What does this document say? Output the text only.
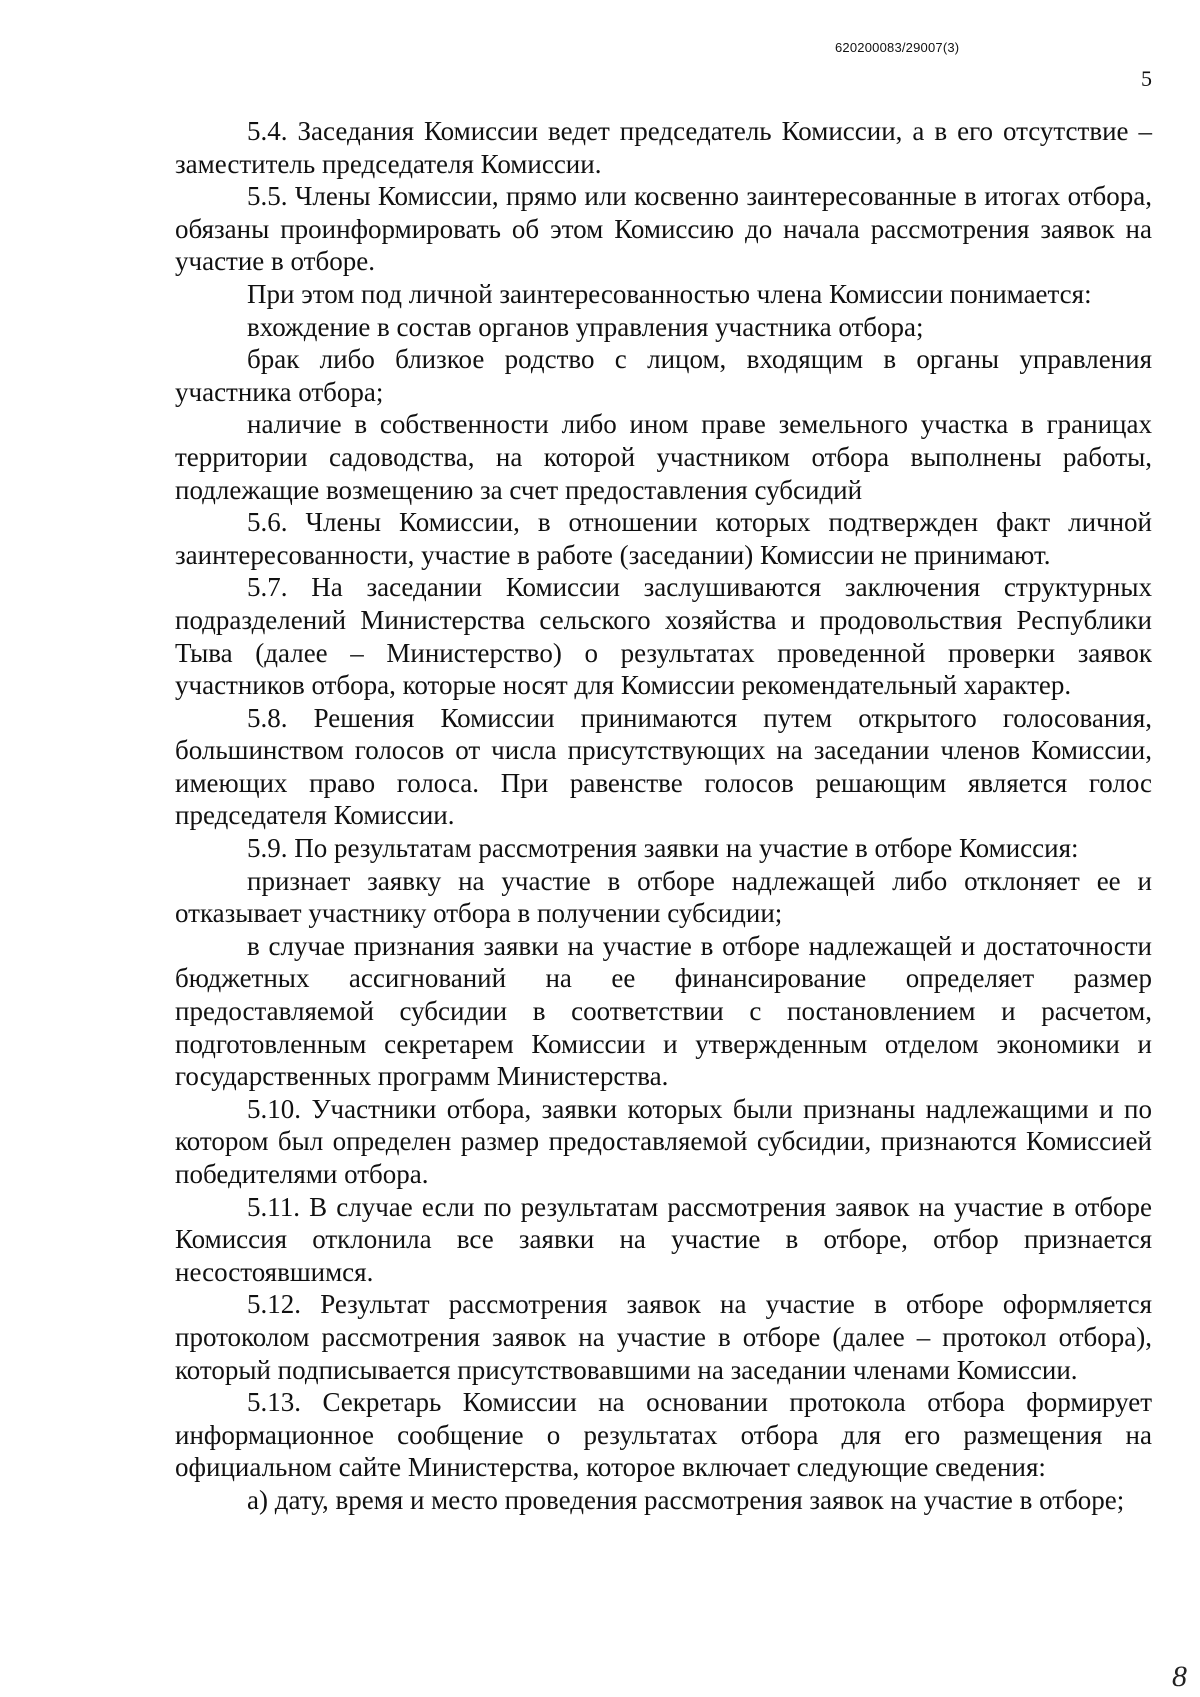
620200083/29007(3)
5

5.4. Заседания Комиссии ведет председатель Комиссии, а в его отсутствие – заместитель председателя Комиссии.

5.5. Члены Комиссии, прямо или косвенно заинтересованные в итогах отбора, обязаны проинформировать об этом Комиссию до начала рассмотрения заявок на участие в отборе.

При этом под личной заинтересованностью члена Комиссии понимается:

вхождение в состав органов управления участника отбора;

брак либо близкое родство с лицом, входящим в органы управления участника отбора;

наличие в собственности либо ином праве земельного участка в границах территории садоводства, на которой участником отбора выполнены работы, подлежащие возмещению за счет предоставления субсидий

5.6. Члены Комиссии, в отношении которых подтвержден факт личной заинтересованности, участие в работе (заседании) Комиссии не принимают.

5.7. На заседании Комиссии заслушиваются заключения структурных подразделений Министерства сельского хозяйства и продовольствия Республики Тыва (далее – Министерство) о результатах проведенной проверки заявок участников отбора, которые носят для Комиссии рекомендательный характер.

5.8. Решения Комиссии принимаются путем открытого голосования, большинством голосов от числа присутствующих на заседании членов Комиссии, имеющих право голоса. При равенстве голосов решающим является голос председателя Комиссии.

5.9. По результатам рассмотрения заявки на участие в отборе Комиссия:

признает заявку на участие в отборе надлежащей либо отклоняет ее и отказывает участнику отбора в получении субсидии;

в случае признания заявки на участие в отборе надлежащей и достаточности бюджетных ассигнований на ее финансирование определяет размер предоставляемой субсидии в соответствии с постановлением и расчетом, подготовленным секретарем Комиссии и утвержденным отделом экономики и государственных программ Министерства.

5.10. Участники отбора, заявки которых были признаны надлежащими и по котором был определен размер предоставляемой субсидии, признаются Комиссией победителями отбора.

5.11. В случае если по результатам рассмотрения заявок на участие в отборе Комиссия отклонила все заявки на участие в отборе, отбор признается несостоявшимся.

5.12. Результат рассмотрения заявок на участие в отборе оформляется протоколом рассмотрения заявок на участие в отборе (далее – протокол отбора), который подписывается присутствовавшими на заседании членами Комиссии.

5.13. Секретарь Комиссии на основании протокола отбора формирует информационное сообщение о результатах отбора для его размещения на официальном сайте Министерства, которое включает следующие сведения:

а) дату, время и место проведения рассмотрения заявок на участие в отборе;

8
